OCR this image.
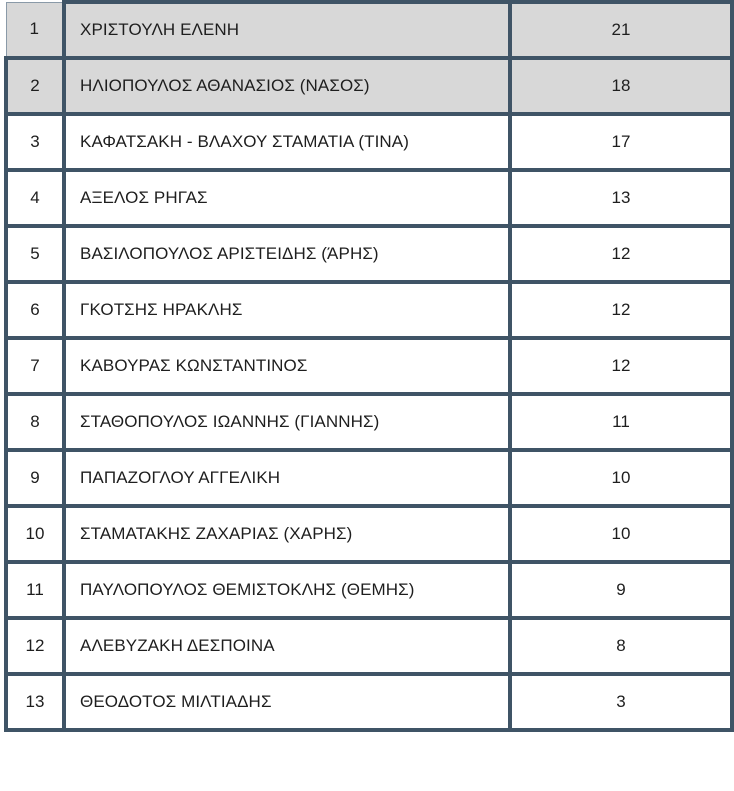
1	ΧΡΙΣΤΟΥΛΗ ΕΛΕΝΗ	21
2	ΗΛΙΟΠΟΥΛΟΣ ΑΘΑΝΑΣΙΟΣ (ΝΑΣΟΣ)	18
3	ΚΑΦΑΤΣΑΚΗ - ΒΛΑΧΟΥ ΣΤΑΜΑΤΙΑ (ΤΙΝΑ)	17
4	ΑΞΕΛΟΣ ΡΗΓΑΣ	13
5	ΒΑΣΙΛΟΠΟΥΛΟΣ ΑΡΙΣΤΕΙΔΗΣ (ΆΡΗΣ)	12
6	ΓΚΟΤΣΗΣ ΗΡΑΚΛΗΣ	12
7	ΚΑΒΟΥΡΑΣ ΚΩΝΣΤΑΝΤΙΝΟΣ	12
8	ΣΤΑΘΟΠΟΥΛΟΣ ΙΩΑΝΝΗΣ (ΓΙΑΝΝΗΣ)	11
9	ΠΑΠΑΖΟΓΛΟΥ ΑΓΓΕΛΙΚΗ	10
10	ΣΤΑΜΑΤΑΚΗΣ ΖΑΧΑΡΙΑΣ (ΧΑΡΗΣ)	10
11	ΠΑΥΛΟΠΟΥΛΟΣ ΘΕΜΙΣΤΟΚΛΗΣ (ΘΕΜΗΣ)	9
12	ΑΛΕΒΥΖΑΚΗ ΔΕΣΠΟΙΝΑ	8
13	ΘΕΟΔΟΤΟΣ ΜΙΛΤΙΑΔΗΣ	3
